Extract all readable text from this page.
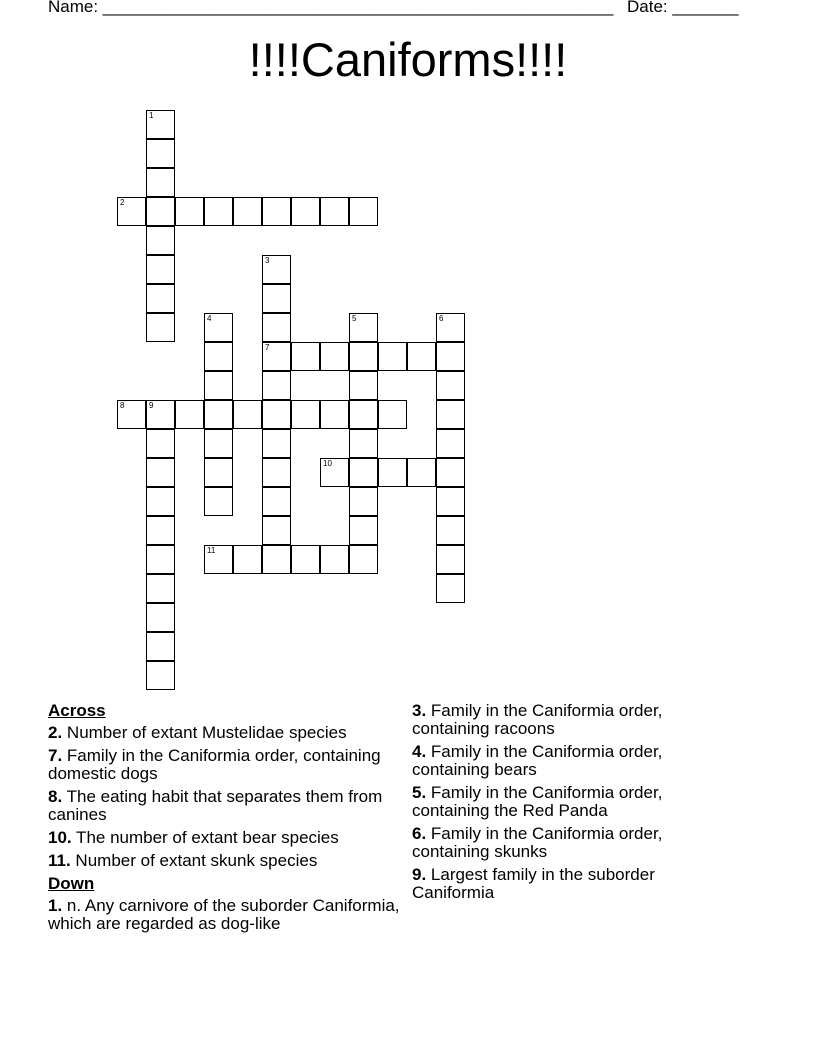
Name: ______________________________________________________ Date: _______
!!!!Caniforms!!!!
1
2
3
7
4	5	6
8	9
10
11
Across
2. Number of extant Mustelidae species
7. Family in the Caniformia order, containing domestic dogs
8. The eating habit that separates them from canines
10. The number of extant bear species
11. Number of extant skunk species
Down
1. n. Any carnivore of the suborder Caniformia, which are regarded as dog-like
3. Family in the Caniformia order, containing racoons
4. Family in the Caniformia order, containing bears
5. Family in the Caniformia order, containing the Red Panda
6. Family in the Caniformia order, containing skunks
9. Largest family in the suborder Caniformia
